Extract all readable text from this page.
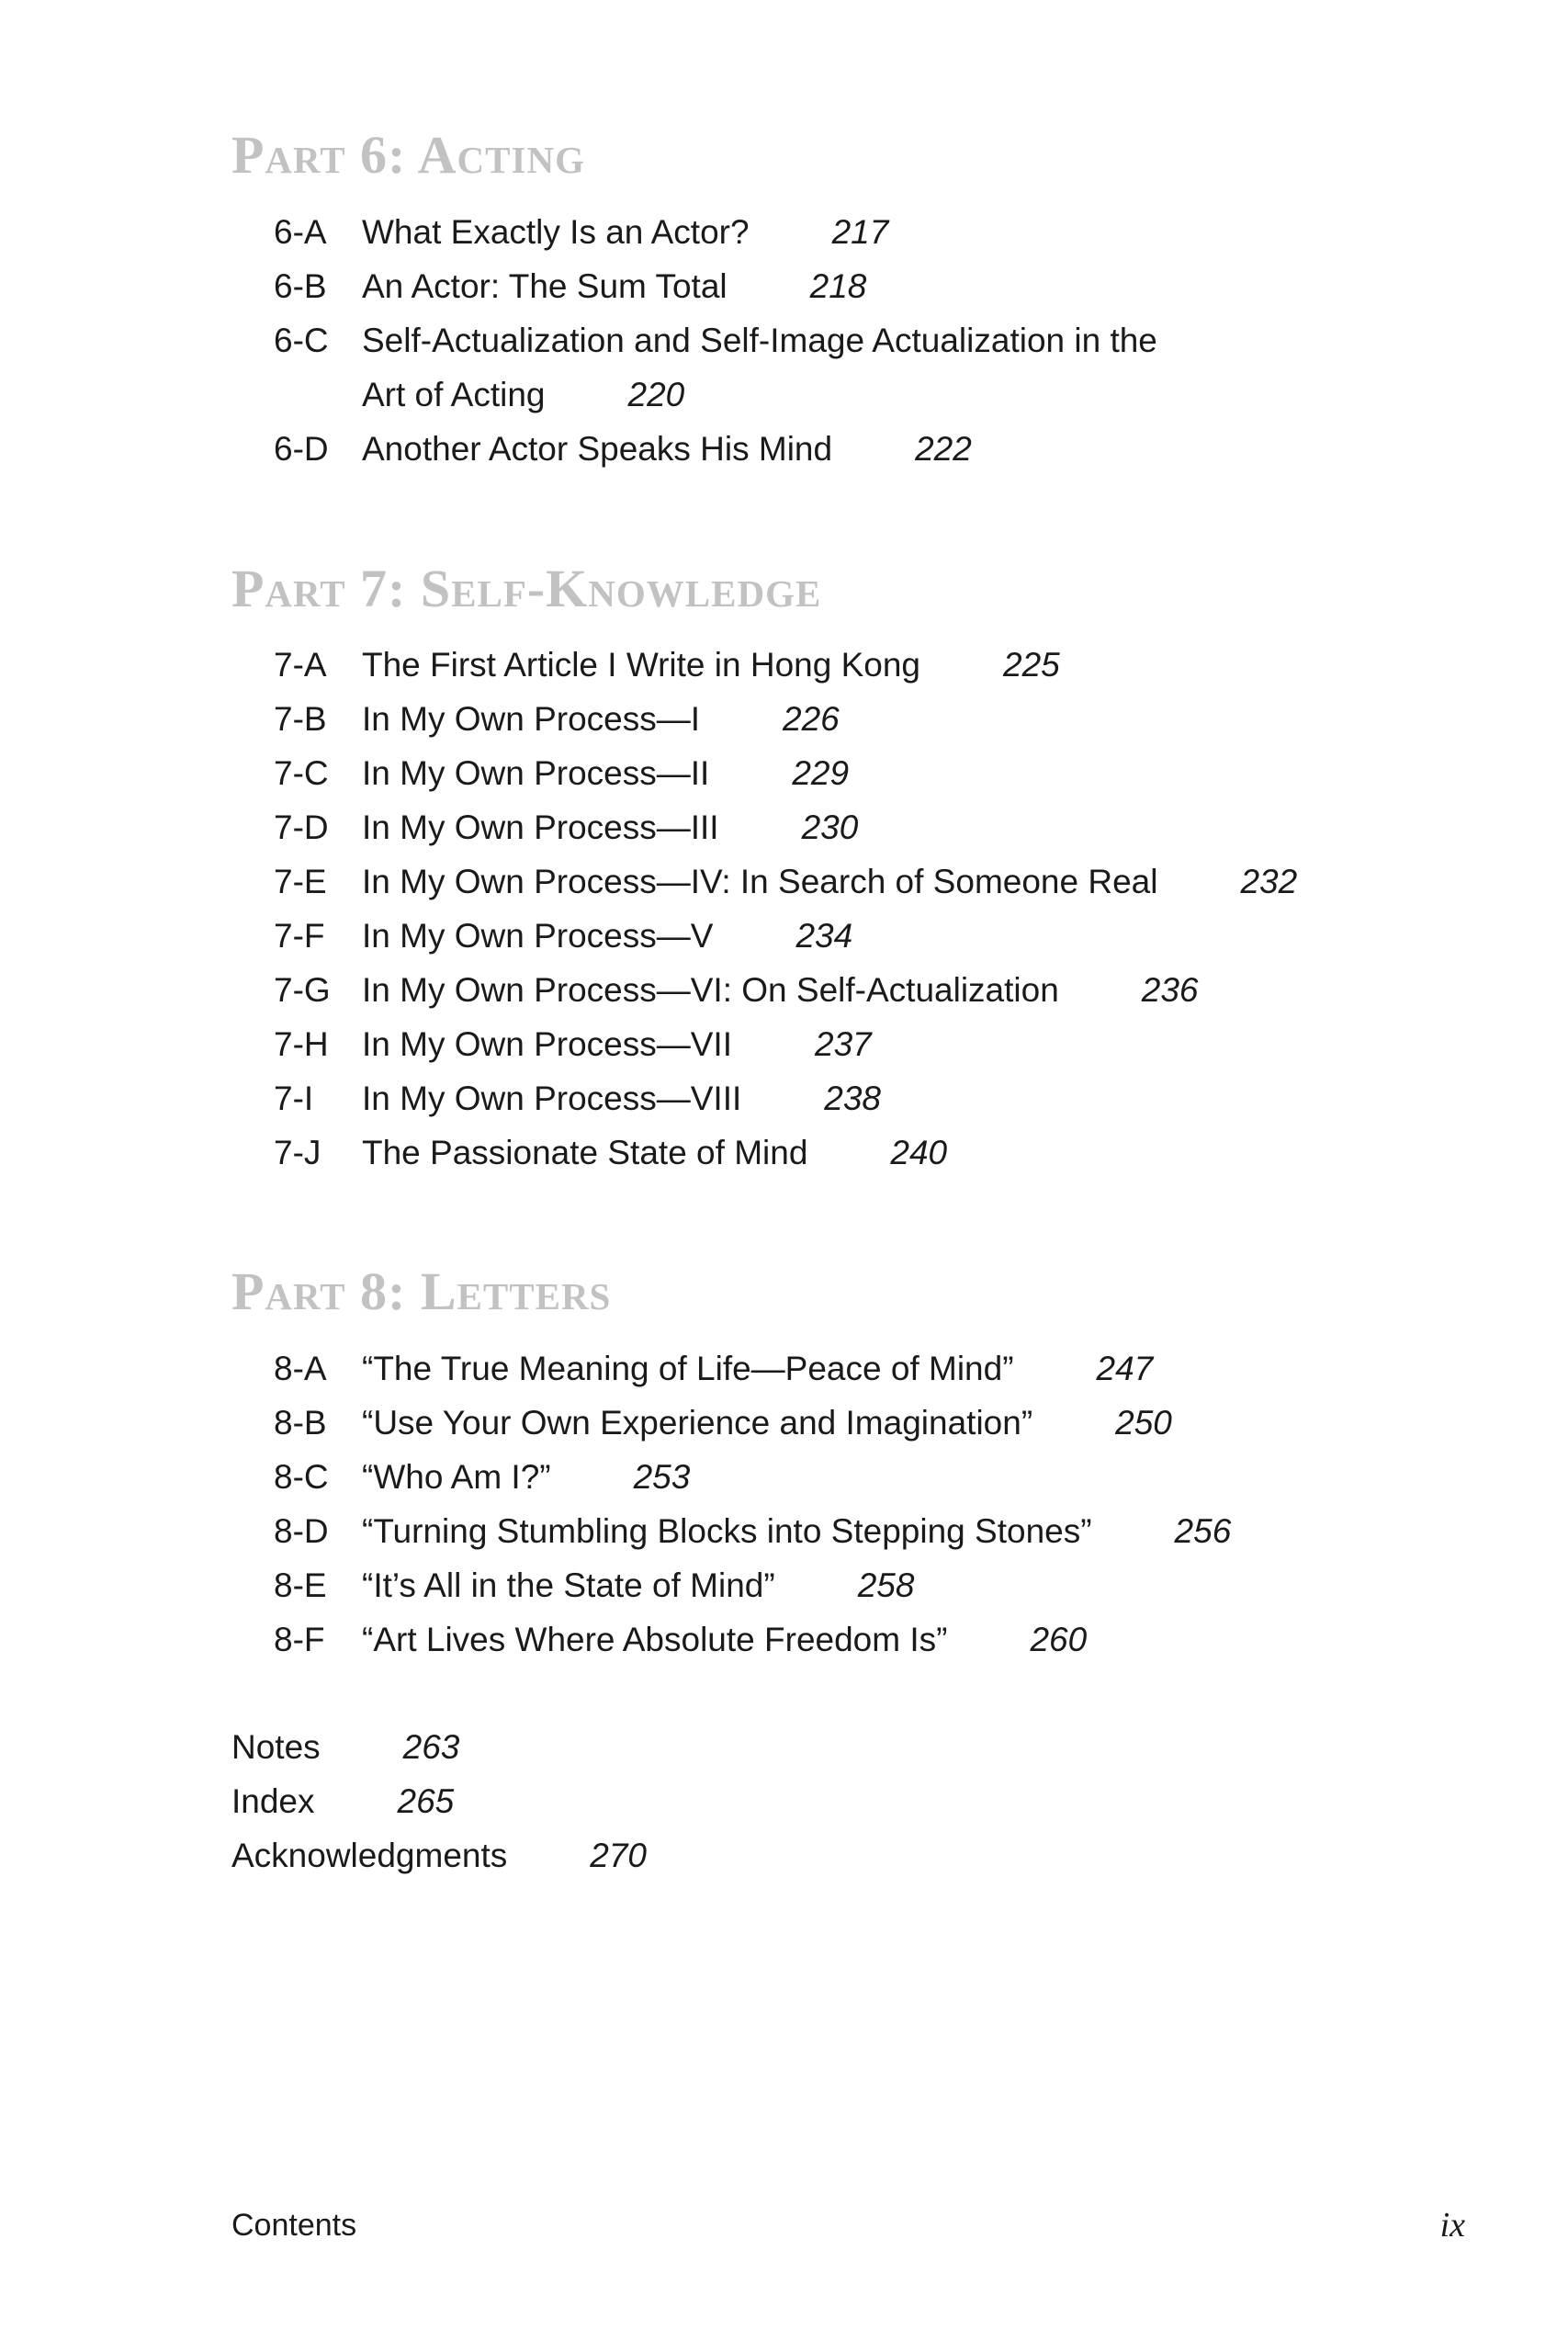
Part 6: Acting
6-A What Exactly Is an Actor? 217
6-B An Actor: The Sum Total 218
6-C Self-Actualization and Self-Image Actualization in the
Art of Acting 220
6-D Another Actor Speaks His Mind 222
Part 7: Self-Knowledge
7-A The First Article I Write in Hong Kong 225
7-B In My Own Process—I 226
7-C In My Own Process—II 229
7-D In My Own Process—III 230
7-E In My Own Process—IV: In Search of Someone Real 232
7-F In My Own Process—V 234
7-G In My Own Process—VI: On Self-Actualization 236
7-H In My Own Process—VII 237
7-I In My Own Process—VIII 238
7-J The Passionate State of Mind 240
Part 8: Letters
8-A “The True Meaning of Life—Peace of Mind” 247
8-B “Use Your Own Experience and Imagination” 250
8-C “Who Am I?” 253
8-D “Turning Stumbling Blocks into Stepping Stones” 256
8-E “It’s All in the State of Mind” 258
8-F “Art Lives Where Absolute Freedom Is” 260
Notes 263
Index 265
Acknowledgments 270
Contents	ix
